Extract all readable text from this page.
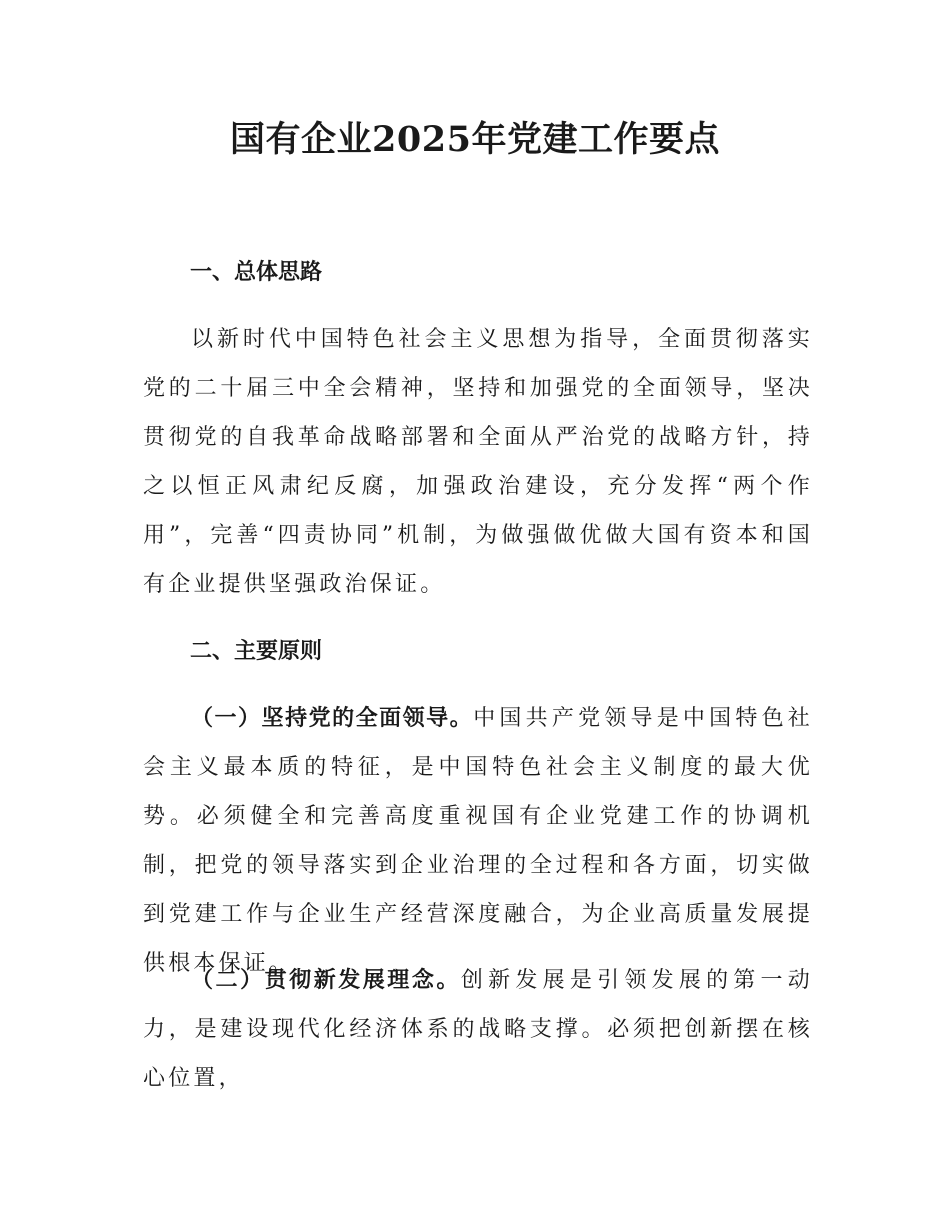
国有企业2025年党建工作要点
一、总体思路

以新时代中国特色社会主义思想为指导，全面贯彻落实党的二十届三中全会精神，坚持和加强党的全面领导，坚决贯彻党的自我革命战略部署和全面从严治党的战略方针，持之以恒正风肃纪反腐，加强政治建设，充分发挥“两个作用”，完善“四责协同”机制，为做强做优做大国有资本和国有企业提供坚强政治保证。

二、主要原则

（一）坚持党的全面领导。中国共产党领导是中国特色社会主义最本质的特征，是中国特色社会主义制度的最大优势。必须健全和完善高度重视国有企业党建工作的协调机制，把党的领导落实到企业治理的全过程和各方面，切实做到党建工作与企业生产经营深度融合，为企业高质量发展提供根本保证。

（二）贯彻新发展理念。创新发展是引领发展的第一动力，是建设现代化经济体系的战略支撑。必须把创新摆在核心位置，
